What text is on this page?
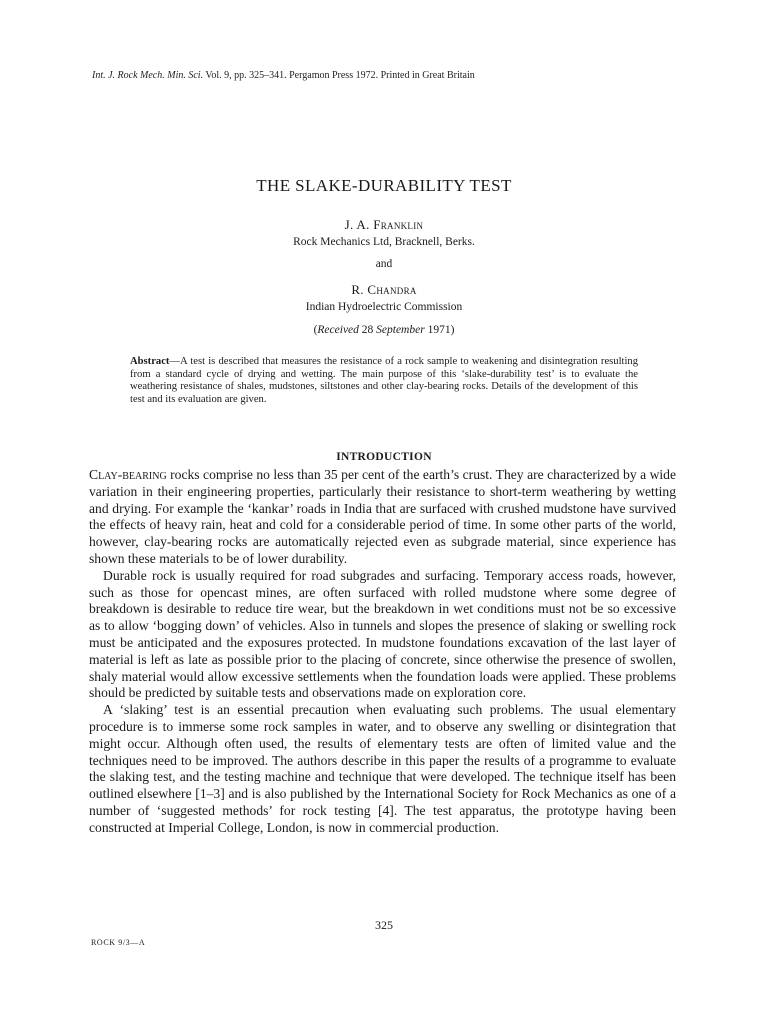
Int. J. Rock Mech. Min. Sci. Vol. 9, pp. 325–341. Pergamon Press 1972. Printed in Great Britain
THE SLAKE-DURABILITY TEST
J. A. Franklin
Rock Mechanics Ltd, Bracknell, Berks.
and
R. Chandra
Indian Hydroelectric Commission
(Received 28 September 1971)
Abstract—A test is described that measures the resistance of a rock sample to weakening and disintegration resulting from a standard cycle of drying and wetting. The main purpose of this ‘slake-durability test’ is to evaluate the weathering resistance of shales, mudstones, siltstones and other clay-bearing rocks. Details of the development of this test and its evaluation are given.
INTRODUCTION

Clay-bearing rocks comprise no less than 35 per cent of the earth’s crust. They are characterized by a wide variation in their engineering properties, particularly their resistance to short-term weathering by wetting and drying. For example the ‘kankar’ roads in India that are surfaced with crushed mudstone have survived the effects of heavy rain, heat and cold for a considerable period of time. In some other parts of the world, however, clay-bearing rocks are automatically rejected even as subgrade material, since experience has shown these materials to be of lower durability.

Durable rock is usually required for road subgrades and surfacing. Temporary access roads, however, such as those for opencast mines, are often surfaced with rolled mudstone where some degree of breakdown is desirable to reduce tire wear, but the breakdown in wet conditions must not be so excessive as to allow ‘bogging down’ of vehicles. Also in tunnels and slopes the presence of slaking or swelling rock must be anticipated and the exposures protected. In mudstone foundations excavation of the last layer of material is left as late as possible prior to the placing of concrete, since otherwise the presence of swollen, shaly material would allow excessive settlements when the foundation loads were applied. These problems should be predicted by suitable tests and observations made on exploration core.

A ‘slaking’ test is an essential precaution when evaluating such problems. The usual elementary procedure is to immerse some rock samples in water, and to observe any swelling or disintegration that might occur. Although often used, the results of elementary tests are often of limited value and the techniques need to be improved. The authors describe in this paper the results of a programme to evaluate the slaking test, and the testing machine and technique that were developed. The technique itself has been outlined elsewhere [1–3] and is also published by the International Society for Rock Mechanics as one of a number of ‘suggested methods’ for rock testing [4]. The test apparatus, the prototype having been constructed at Imperial College, London, is now in commercial production.

325
ROCK 9/3—A
